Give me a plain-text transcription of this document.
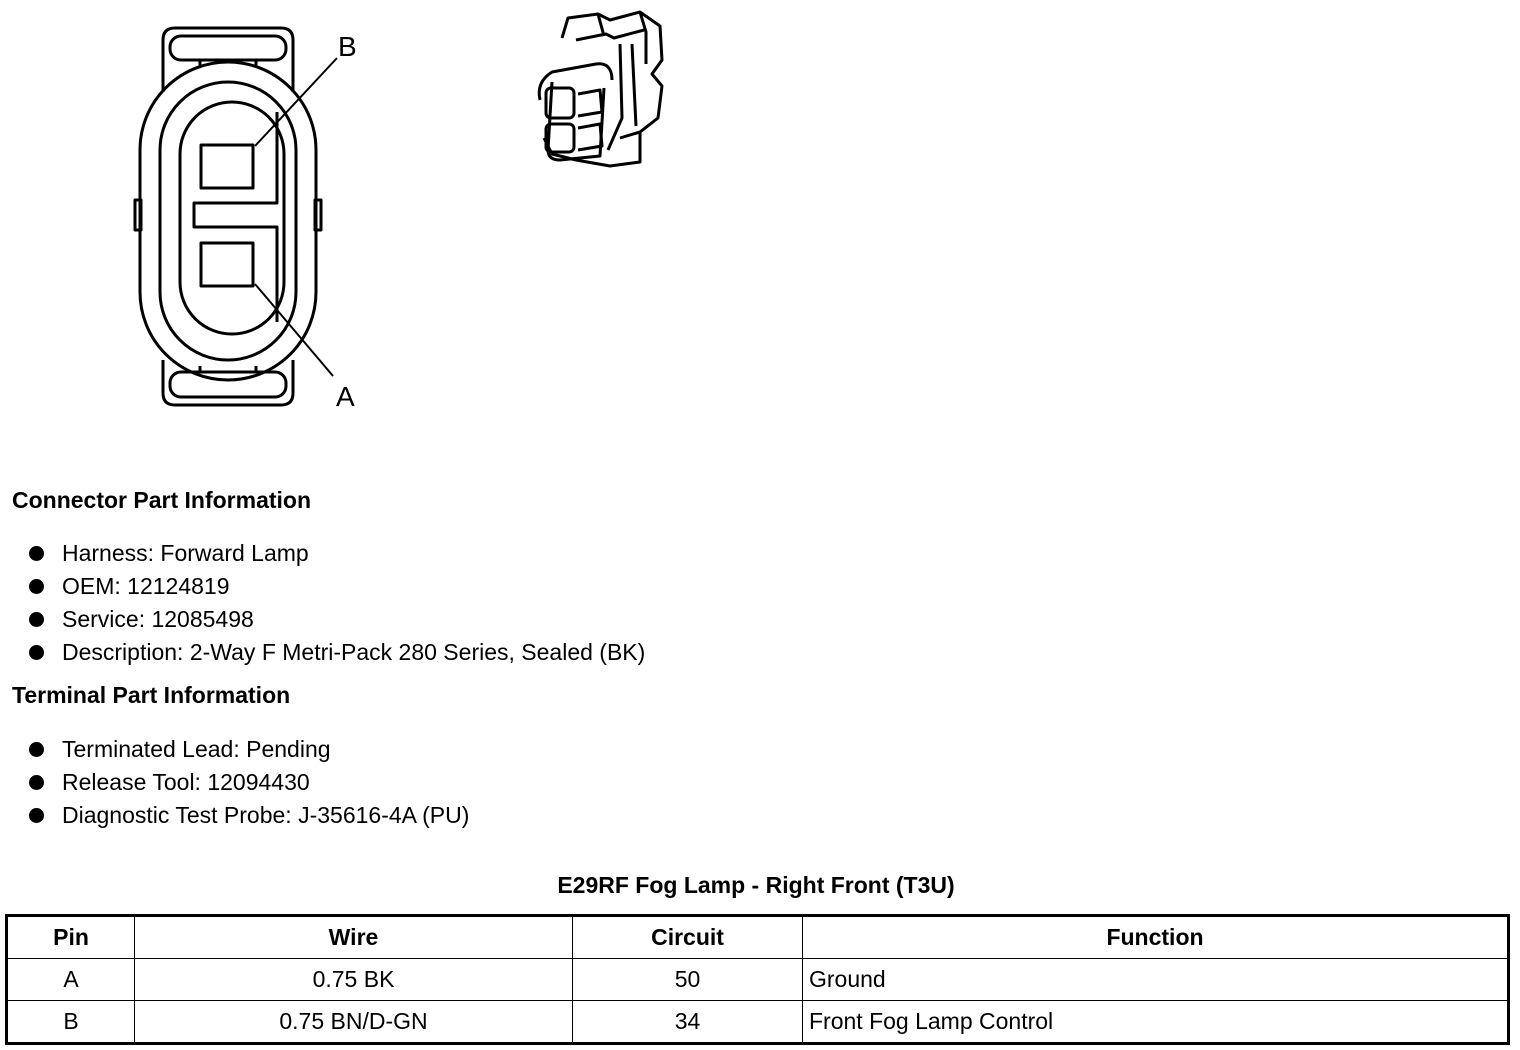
B
A
Connector Part Information
Harness: Forward Lamp
OEM: 12124819
Service: 12085498
Description: 2-Way F Metri-Pack 280 Series, Sealed (BK)
Terminal Part Information
Terminated Lead: Pending
Release Tool: 12094430
Diagnostic Test Probe: J-35616-4A (PU)
E29RF Fog Lamp - Right Front (T3U)
Pin	Wire	Circuit	Function
A	0.75 BK	50	Ground
B	0.75 BN/D-GN	34	Front Fog Lamp Control
